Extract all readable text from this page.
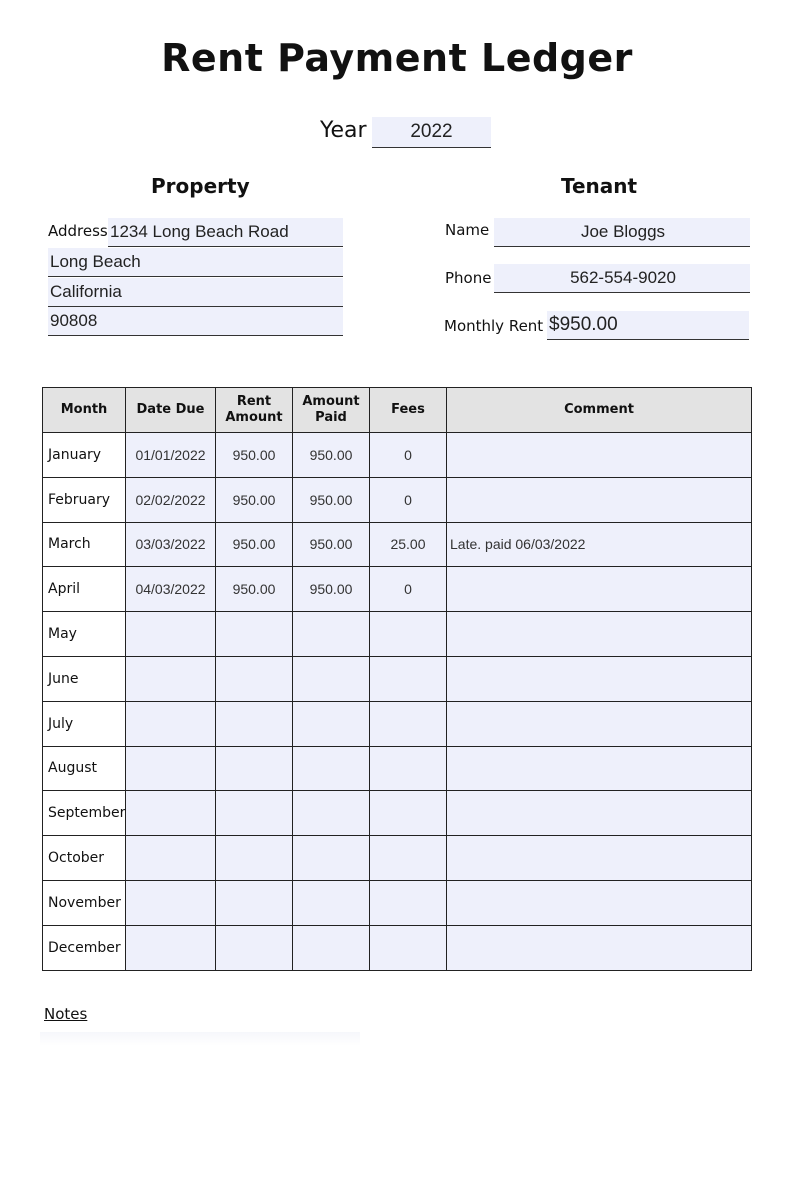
Rent Payment Ledger
Year	2022
Property	Tenant
Address 1234 Long Beach Road
Long Beach
California
90808
Name	Joe Bloggs
Phone	562-554-9020
Monthly Rent $950.00
Month	Date Due	Rent Amount	Amount Paid	Fees	Comment
January	01/01/2022	950.00	950.00	0	
February	02/02/2022	950.00	950.00	0	
March	03/03/2022	950.00	950.00	25.00	Late. paid 06/03/2022
April	04/03/2022	950.00	950.00	0	
May					
June					
July					
August					
September					
October					
November					
December					
Notes
